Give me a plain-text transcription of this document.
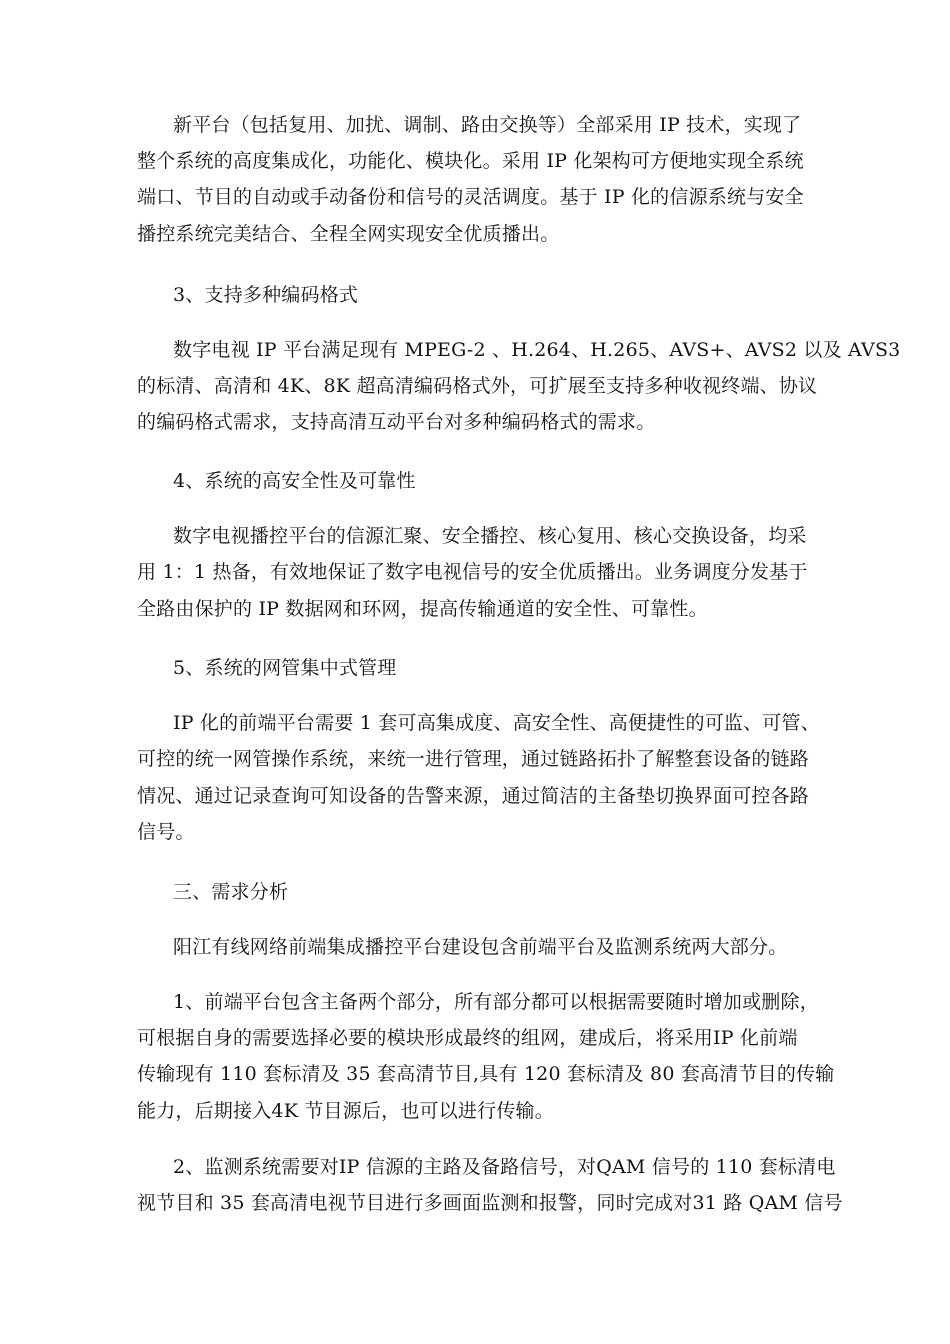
新平台（包括复用、加扰、调制、路由交换等）全部采用 IP 技术，实现了
整个系统的高度集成化，功能化、模块化。采用 IP 化架构可方便地实现全系统
端口、节目的自动或手动备份和信号的灵活调度。基于 IP 化的信源系统与安全
播控系统完美结合、全程全网实现安全优质播出。
3、支持多种编码格式
数字电视 IP 平台满足现有 MPEG-2 、H.264、H.265、AVS+、AVS2 以及 AVS3
的标清、高清和 4K、8K 超高清编码格式外，可扩展至支持多种收视终端、协议
的编码格式需求，支持高清互动平台对多种编码格式的需求。
4、系统的高安全性及可靠性
数字电视播控平台的信源汇聚、安全播控、核心复用、核心交换设备，均采
用 1：1 热备，有效地保证了数字电视信号的安全优质播出。业务调度分发基于
全路由保护的 IP 数据网和环网，提高传输通道的安全性、可靠性。
5、系统的网管集中式管理
IP 化的前端平台需要 1 套可高集成度、高安全性、高便捷性的可监、可管、
可控的统一网管操作系统，来统一进行管理，通过链路拓扑了解整套设备的链路
情况、通过记录查询可知设备的告警来源，通过简洁的主备垫切换界面可控各路
信号。
三、需求分析
阳江有线网络前端集成播控平台建设包含前端平台及监测系统两大部分。
1、前端平台包含主备两个部分，所有部分都可以根据需要随时增加或删除，
可根据自身的需要选择必要的模块形成最终的组网，建成后，将采用IP 化前端
传输现有 110 套标清及 35 套高清节目,具有 120 套标清及 80 套高清节目的传输
能力，后期接入4K 节目源后，也可以进行传输。
2、监测系统需要对IP 信源的主路及备路信号，对QAM 信号的 110 套标清电
视节目和 35 套高清电视节目进行多画面监测和报警，同时完成对31 路 QAM 信号
